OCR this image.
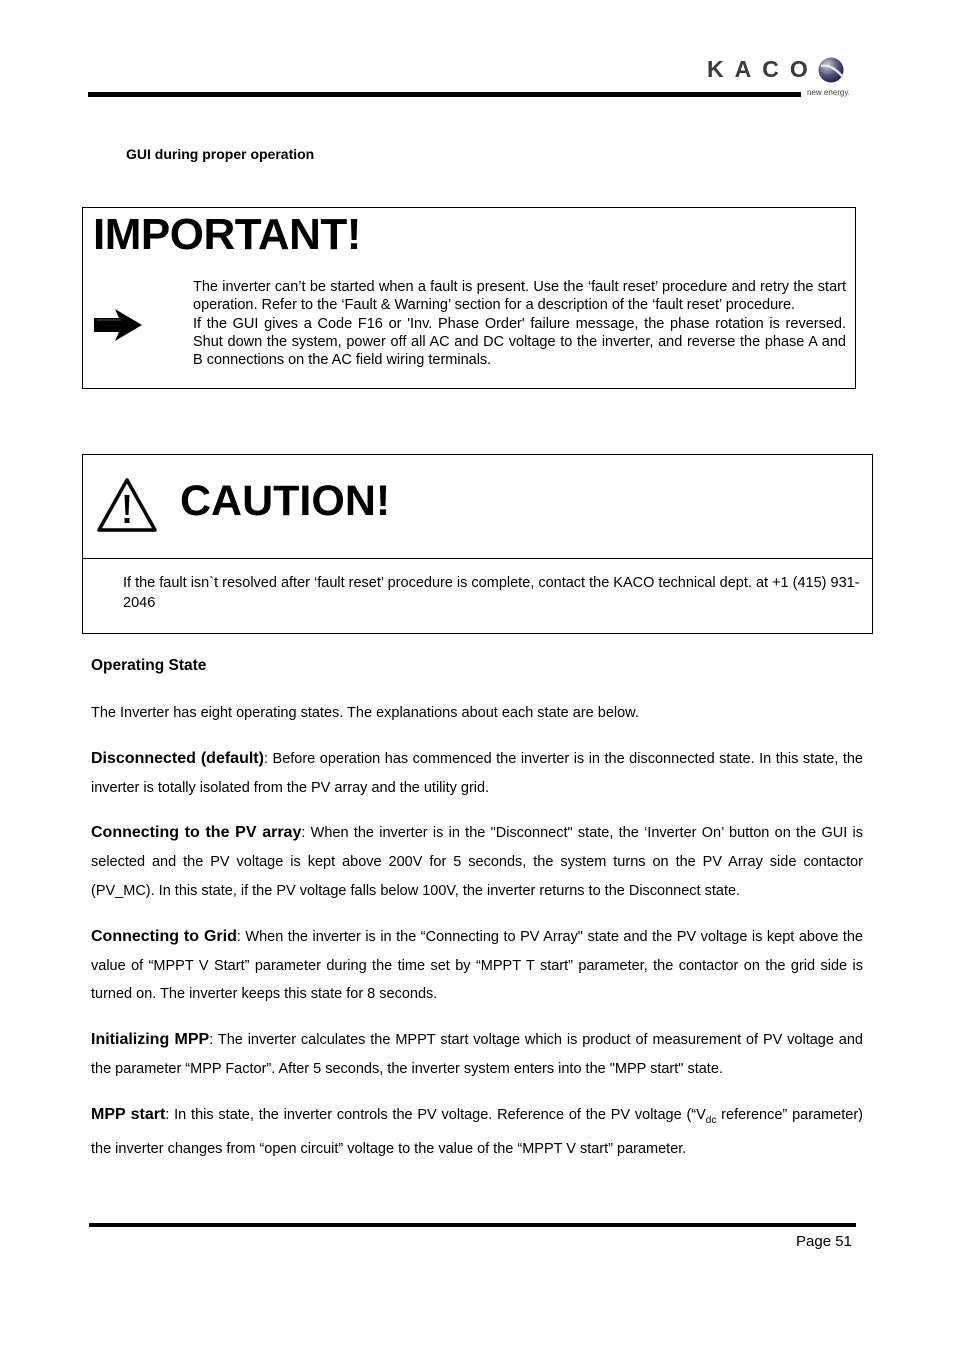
KACO
new energy.
GUI during proper operation
IMPORTANT!

The inverter can’t be started when a fault is present. Use the ‘fault reset’ procedure and retry the start operation. Refer to the ‘Fault & Warning’ section for a description of the ‘fault reset’ procedure.

If the GUI gives a Code F16 or 'Inv. Phase Order' failure message, the phase rotation is reversed. Shut down the system, power off all AC and DC voltage to the inverter, and reverse the phase A and B connections on the AC field wiring terminals.

CAUTION!
If the fault isn`t resolved after ‘fault reset’ procedure is complete, contact the KACO technical dept. at +1 (415) 931-2046
Operating State
The Inverter has eight operating states. The explanations about each state are below.

Disconnected (default): Before operation has commenced the inverter is in the disconnected state. In this state, the inverter is totally isolated from the PV array and the utility grid.

Connecting to the PV array: When the inverter is in the "Disconnect" state, the ‘Inverter On’ button on the GUI is selected and the PV voltage is kept above 200V for 5 seconds, the system turns on the PV Array side contactor (PV_MC). In this state, if the PV voltage falls below 100V, the inverter returns to the Disconnect state.

Connecting to Grid: When the inverter is in the “Connecting to PV Array" state and the PV voltage is kept above the value of “MPPT V Start” parameter during the time set by “MPPT T start” parameter, the contactor on the grid side is turned on. The inverter keeps this state for 8 seconds.

Initializing MPP: The inverter calculates the MPPT start voltage which is product of measurement of PV voltage and the parameter “MPP Factor”. After 5 seconds, the inverter system enters into the "MPP start" state.

MPP start: In this state, the inverter controls the PV voltage. Reference of the PV voltage (“$V_{dc}$ reference” parameter) the inverter changes from “open circuit” voltage to the value of the “MPPT V start” parameter.

Page 51
